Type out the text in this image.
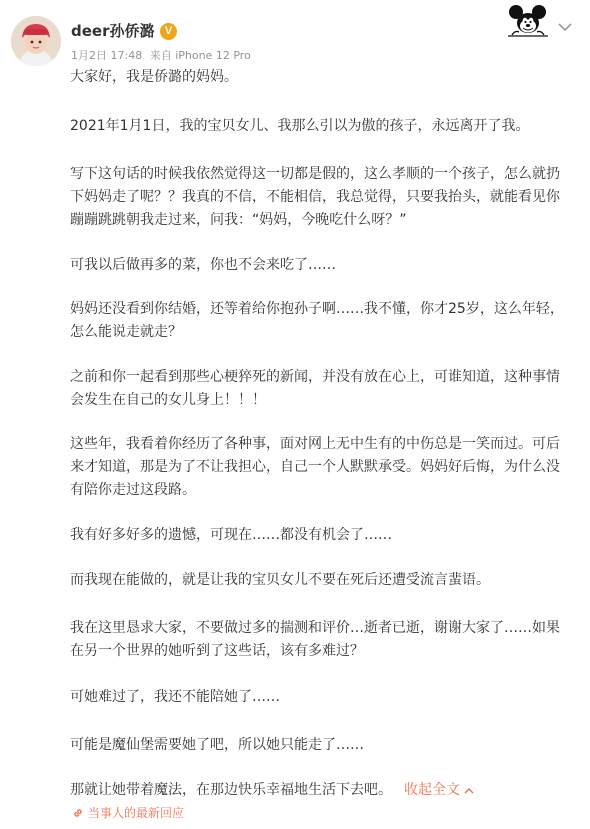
deer孙侨潞 V
1月2日 17:48 来自 iPhone 12 Pro
大家好，我是侨潞的妈妈。
2021年1月1日，我的宝贝女儿、我那么引以为傲的孩子，永远离开了我。
写下这句话的时候我依然觉得这一切都是假的，这么孝顺的一个孩子，怎么就扔
下妈妈走了呢？？我真的不信，不能相信，我总觉得，只要我抬头，就能看见你
蹦蹦跳跳朝我走过来，问我：“妈妈，今晚吃什么呀？”
可我以后做再多的菜，你也不会来吃了……
妈妈还没看到你结婚，还等着给你抱孙子啊……我不懂，你才25岁，这么年轻，
怎么能说走就走？
之前和你一起看到那些心梗猝死的新闻，并没有放在心上，可谁知道，这种事情
会发生在自己的女儿身上！！！
这些年，我看着你经历了各种事，面对网上无中生有的中伤总是一笑而过。可后
来才知道，那是为了不让我担心，自己一个人默默承受。妈妈好后悔，为什么没
有陪你走过这段路。
我有好多好多的遗憾，可现在……都没有机会了……
而我现在能做的，就是让我的宝贝女儿不要在死后还遭受流言蜚语。
我在这里恳求大家，不要做过多的揣测和评价…逝者已逝，谢谢大家了……如果
在另一个世界的她听到了这些话，该有多难过？
可她难过了，我还不能陪她了……
可能是魔仙堡需要她了吧，所以她只能走了……
那就让她带着魔法，在那边快乐幸福地生活下去吧。 收起全文
当事人的最新回应
